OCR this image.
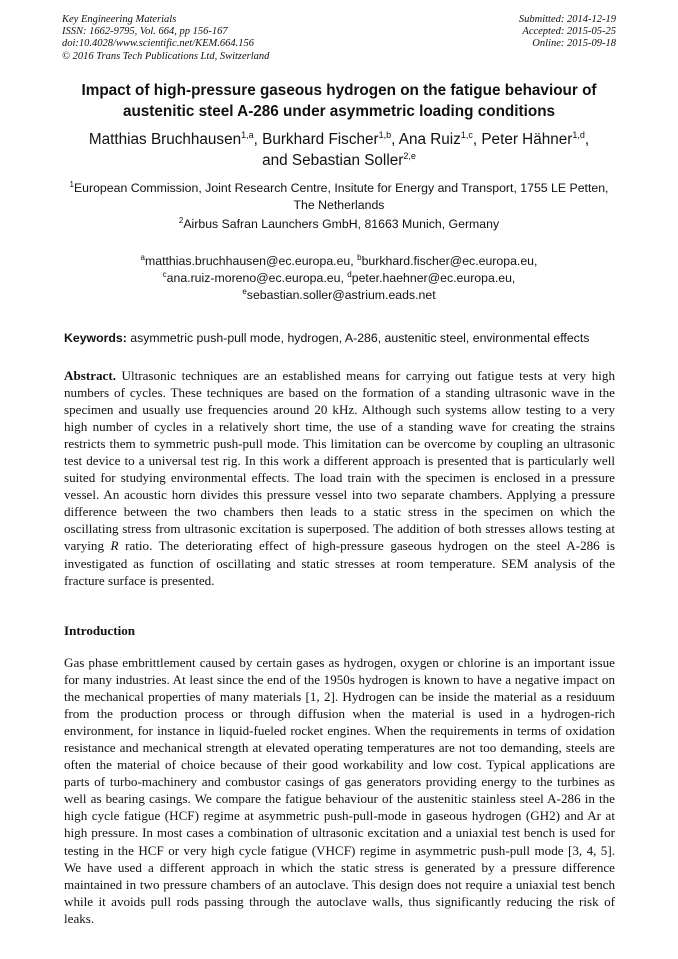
Key Engineering Materials
ISSN: 1662-9795, Vol. 664, pp 156-167
doi:10.4028/www.scientific.net/KEM.664.156
© 2016 Trans Tech Publications Ltd, Switzerland
Submitted: 2014-12-19
Accepted: 2015-05-25
Online: 2015-09-18
Impact of high-pressure gaseous hydrogen on the fatigue behaviour of austenitic steel A-286 under asymmetric loading conditions
Matthias Bruchhausen$^{1,a}$, Burkhard Fischer$^{1,b}$, Ana Ruiz$^{1,c}$, Peter Hähner$^{1,d}$,
and Sebastian Soller$^{2,e}$
$^1$European Commission, Joint Research Centre, Insitute for Energy and Transport, 1755 LE Petten, The Netherlands
$^2$Airbus Safran Launchers GmbH, 81663 Munich, Germany
$^a$matthias.bruchhausen@ec.europa.eu, $^b$burkhard.fischer@ec.europa.eu,
$^c$ana.ruiz-moreno@ec.europa.eu, $^d$peter.haehner@ec.europa.eu,
$^e$sebastian.soller@astrium.eads.net
Keywords: asymmetric push-pull mode, hydrogen, A-286, austenitic steel, environmental effects
Abstract. Ultrasonic techniques are an established means for carrying out fatigue tests at very high numbers of cycles. These techniques are based on the formation of a standing ultrasonic wave in the specimen and usually use frequencies around 20 kHz. Although such systems allow testing to a very high number of cycles in a relatively short time, the use of a standing wave for creating the strains restricts them to symmetric push-pull mode. This limitation can be overcome by coupling an ultrasonic test device to a universal test rig. In this work a different approach is presented that is particularly well suited for studying environmental effects. The load train with the specimen is enclosed in a pressure vessel. An acoustic horn divides this pressure vessel into two separate chambers. Applying a pressure difference between the two chambers then leads to a static stress in the specimen on which the oscillating stress from ultrasonic excitation is superposed. The addition of both stresses allows testing at varying R ratio. The deteriorating effect of high-pressure gaseous hydrogen on the steel A-286 is investigated as function of oscillating and static stresses at room temperature. SEM analysis of the fracture surface is presented.
Introduction
Gas phase embrittlement caused by certain gases as hydrogen, oxygen or chlorine is an important issue for many industries. At least since the end of the 1950s hydrogen is known to have a negative impact on the mechanical properties of many materials [1, 2]. Hydrogen can be inside the material as a residuum from the production process or through diffusion when the material is used in a hydrogen-rich environment, for instance in liquid-fueled rocket engines. When the requirements in terms of oxidation resistance and mechanical strength at elevated operating temperatures are not too demanding, steels are often the material of choice because of their good workability and low cost. Typical applications are parts of turbo-machinery and combustor casings of gas generators providing energy to the turbines as well as bearing casings. We compare the fatigue behaviour of the austenitic stainless steel A-286 in the high cycle fatigue (HCF) regime at asymmetric push-pull-mode in gaseous hydrogen (GH2) and Ar at high pressure. In most cases a combination of ultrasonic excitation and a uniaxial test bench is used for testing in the HCF or very high cycle fatigue (VHCF) regime in asymmetric push-pull mode [3, 4, 5]. We have used a different approach in which the static stress is generated by a pressure difference maintained in two pressure chambers of an autoclave. This design does not require a uniaxial test bench while it avoids pull rods passing through the autoclave walls, thus significantly reducing the risk of leaks.
